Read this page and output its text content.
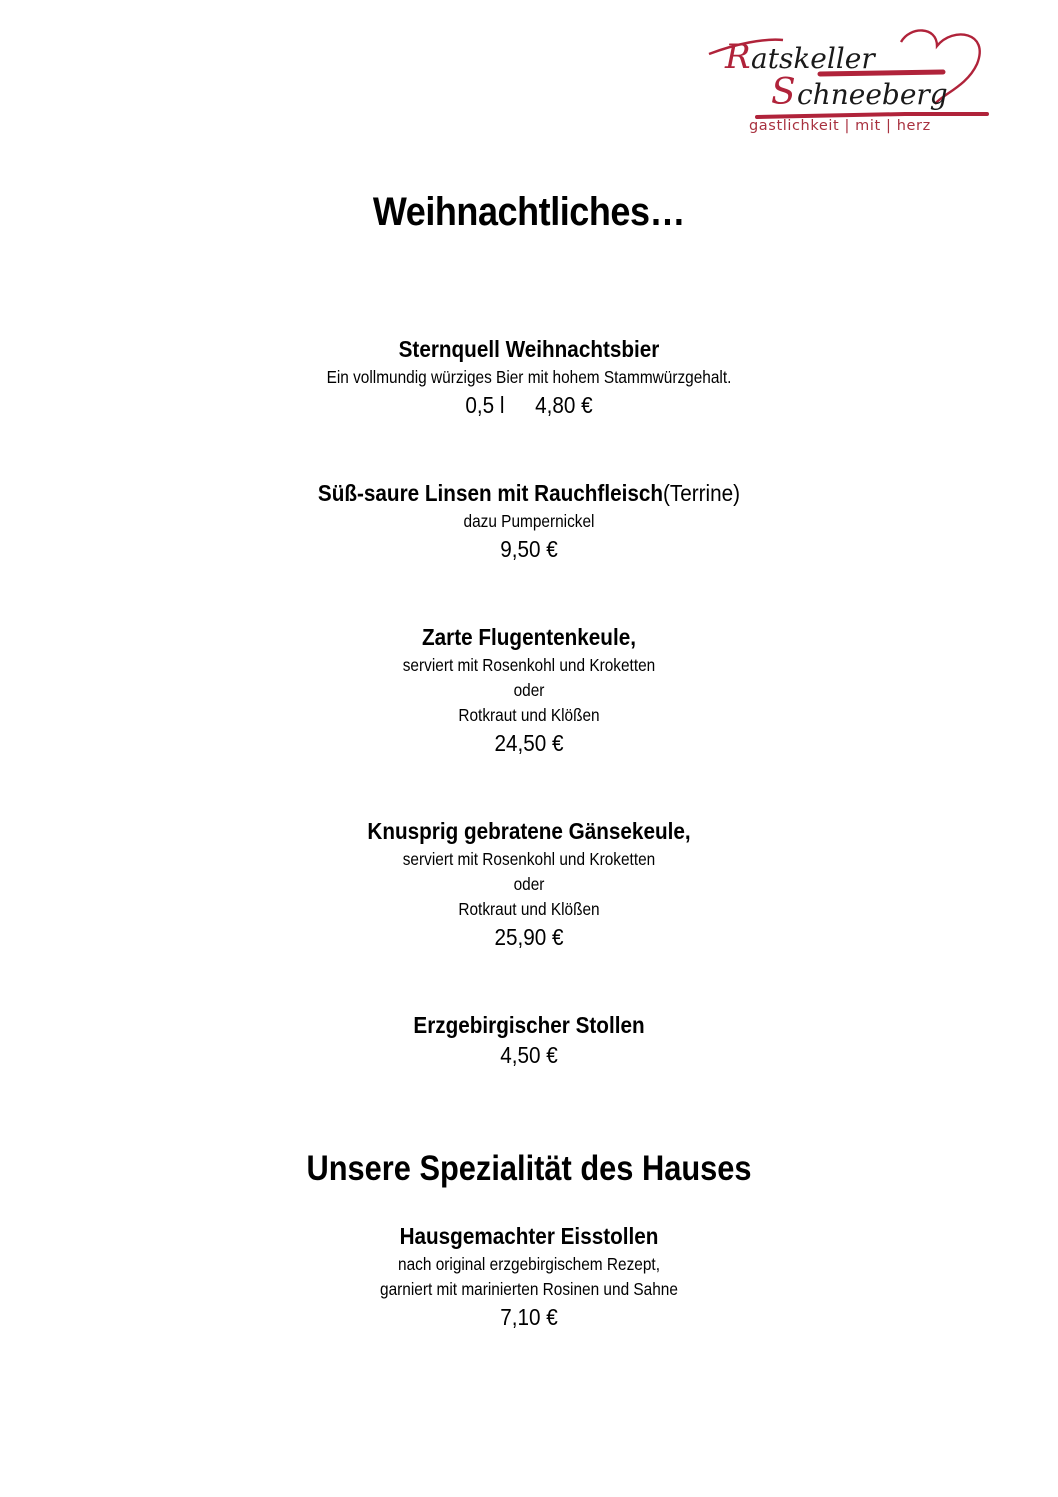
R atskeller
S chneeberg
gastlichkeit | mit | herz
Weihnachtliches…
Sternquell Weihnachtsbier
Ein vollmundig würziges Bier mit hohem Stammwürzgehalt.
0,5 l 4,80 €
Süß-saure Linsen mit Rauchfleisch(Terrine)
dazu Pumpernickel
9,50 €
Zarte Flugentenkeule,
serviert mit Rosenkohl und Kroketten
oder
Rotkraut und Klößen
24,50 €
Knusprig gebratene Gänsekeule,
serviert mit Rosenkohl und Kroketten
oder
Rotkraut und Klößen
25,90 €
Erzgebirgischer Stollen
4,50 €
Unsere Spezialität des Hauses
Hausgemachter Eisstollen
nach original erzgebirgischem Rezept,
garniert mit marinierten Rosinen und Sahne
7,10 €
